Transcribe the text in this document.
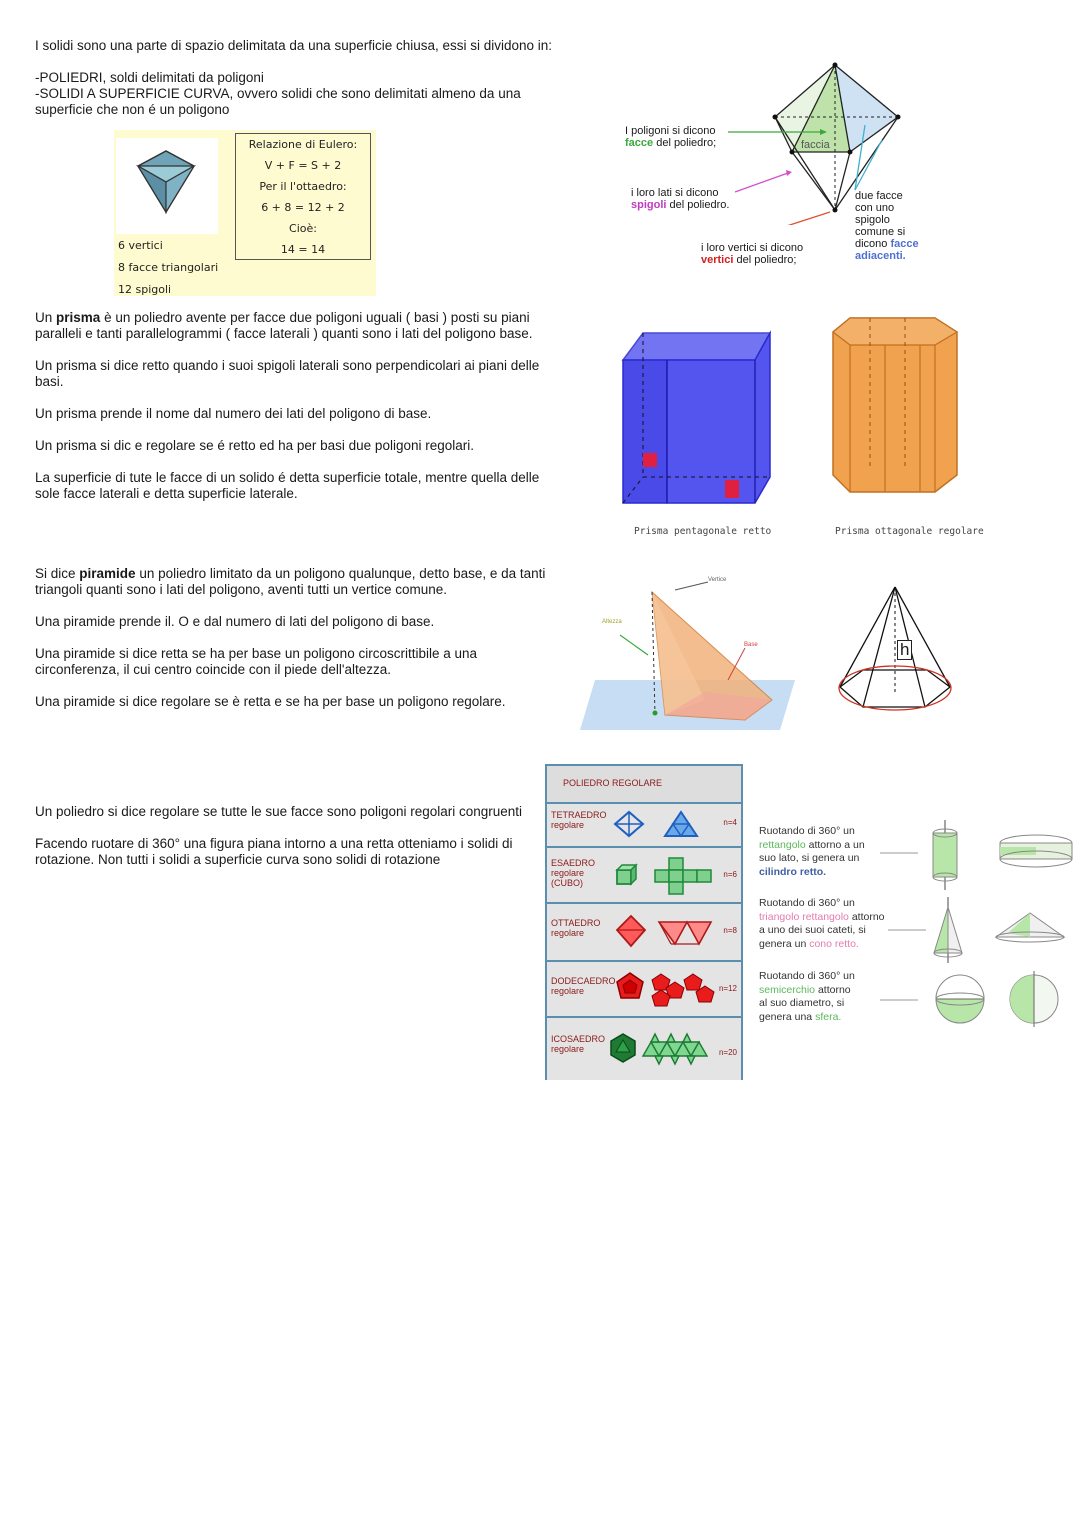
I solidi sono una parte di spazio delimitata da una superficie chiusa, essi si dividono in:

-POLIEDRI, soldi delimitati da poligoni

-SOLIDI A SUPERFICIE CURVA, ovvero solidi che sono delimitati almeno da una

superficie che non é un poligono

Relazione di Eulero:
V + F = S + 2
Per il l'ottaedro:
6 + 8 = 12 + 2
Cioè:
14 = 14
6 vertici
8 facce triangolari
12 spigoli
faccia
I poligoni si dicono
facce del poliedro;
i loro lati si dicono
spigoli del poliedro.
i loro vertici si dicono
vertici del poliedro;
due facce
con uno
spigolo
comune si
dicono facce
adiacenti.

Un prisma è un poliedro avente per facce due poligoni uguali ( basi ) posti su piani

paralleli e tanti parallelogrammi ( facce laterali ) quanti sono i lati del poligono base.

Un prisma si dice retto quando i suoi spigoli laterali sono perpendicolari ai piani delle

basi.

Un prisma prende il nome dal numero dei lati del poligono di base.

Un prisma si dic e regolare se é retto ed ha per basi due poligoni regolari.

La superficie di tute le facce di un solido é detta superficie totale, mentre quella delle

sole facce laterali e detta superficie laterale.

Prisma pentagonale retto	Prisma ottagonale regolare

Si dice piramide un poliedro limitato da un poligono qualunque, detto base, e da tanti

triangoli quanti sono i lati del poligono, aventi tutti un vertice comune.

Una piramide prende il. O e dal numero di lati del poligono di base.

Una piramide si dice retta se ha per base un poligono circoscrittibile a una

circonferenza, il cui centro coincide con il piede dell'altezza.

Una piramide si dice regolare se è retta e se ha per base un poligono regolare.

Vertice
Altezza
Base	h

Un poliedro si dice regolare se tutte le sue facce sono poligoni regolari congruenti

Facendo ruotare di 360° una figura piana intorno a una retta otteniamo i solidi di

rotazione. Non tutti i solidi a superficie curva sono solidi di rotazione

POLIEDRO REGOLARE
TETRAEDRO
regolare	n=4
ESAEDRO
regolare
(CUBO)
n=6
OTTAEDRO
regolare	n=8
DODECAEDRO
regolare	n=12
ICOSAEDRO
regolare	n=20
Ruotando di 360° un
rettangolo attorno a un
suo lato, si genera un
cilindro retto.
Ruotando di 360° un
triangolo rettangolo attorno
a uno dei suoi cateti, si
genera un cono retto.
Ruotando di 360° un
semicerchio attorno
al suo diametro, si
genera una sfera.
